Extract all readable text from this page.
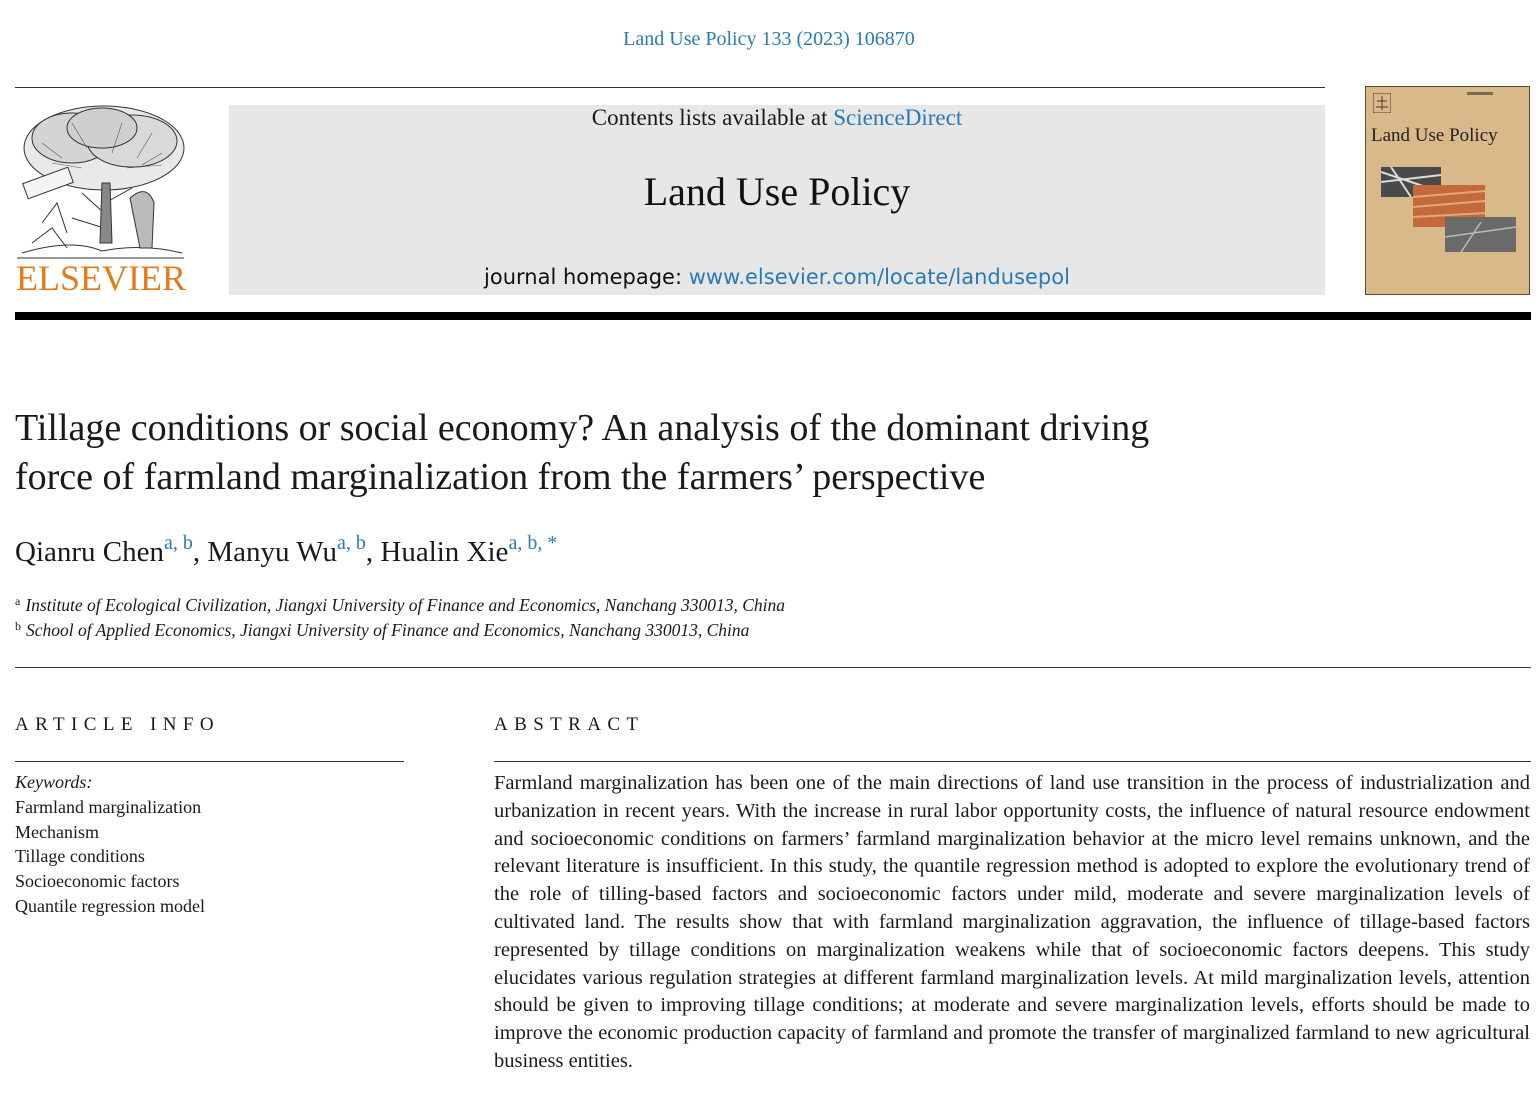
Land Use Policy 133 (2023) 106870
ELSEVIER
Contents lists available at ScienceDirect
Land Use Policy
journal homepage: www.elsevier.com/locate/landusepol
Land Use Policy
Tillage conditions or social economy? An analysis of the dominant driving
force of farmland marginalization from the farmers’ perspective
Qianru Chen$^{a, b}$, Manyu Wu$^{a, b}$, Hualin Xie$^{a, b, *}$
$^a$ Institute of Ecological Civilization, Jiangxi University of Finance and Economics, Nanchang 330013, China
$^b$ School of Applied Economics, Jiangxi University of Finance and Economics, Nanchang 330013, China
ARTICLE INFO
Keywords:
Farmland marginalization
Mechanism
Tillage conditions
Socioeconomic factors
Quantile regression model
ABSTRACT
Farmland marginalization has been one of the main directions of land use transition in the process of industrialization and urbanization in recent years. With the increase in rural labor opportunity costs, the influence of natural resource endowment and socioeconomic conditions on farmers’ farmland marginalization behavior at the micro level remains unknown, and the relevant literature is insufficient. In this study, the quantile regression method is adopted to explore the evolutionary trend of the role of tilling-based factors and socioeconomic factors under mild, moderate and severe marginalization levels of cultivated land. The results show that with farmland marginalization aggravation, the influence of tillage-based factors represented by tillage conditions on marginalization weakens while that of socioeconomic factors deepens. This study elucidates various regulation strategies at different farmland marginalization levels. At mild marginalization levels, attention should be given to improving tillage conditions; at moderate and severe marginalization levels, efforts should be made to improve the economic production capacity of farmland and promote the transfer of marginalized farmland to new agricultural business entities.
